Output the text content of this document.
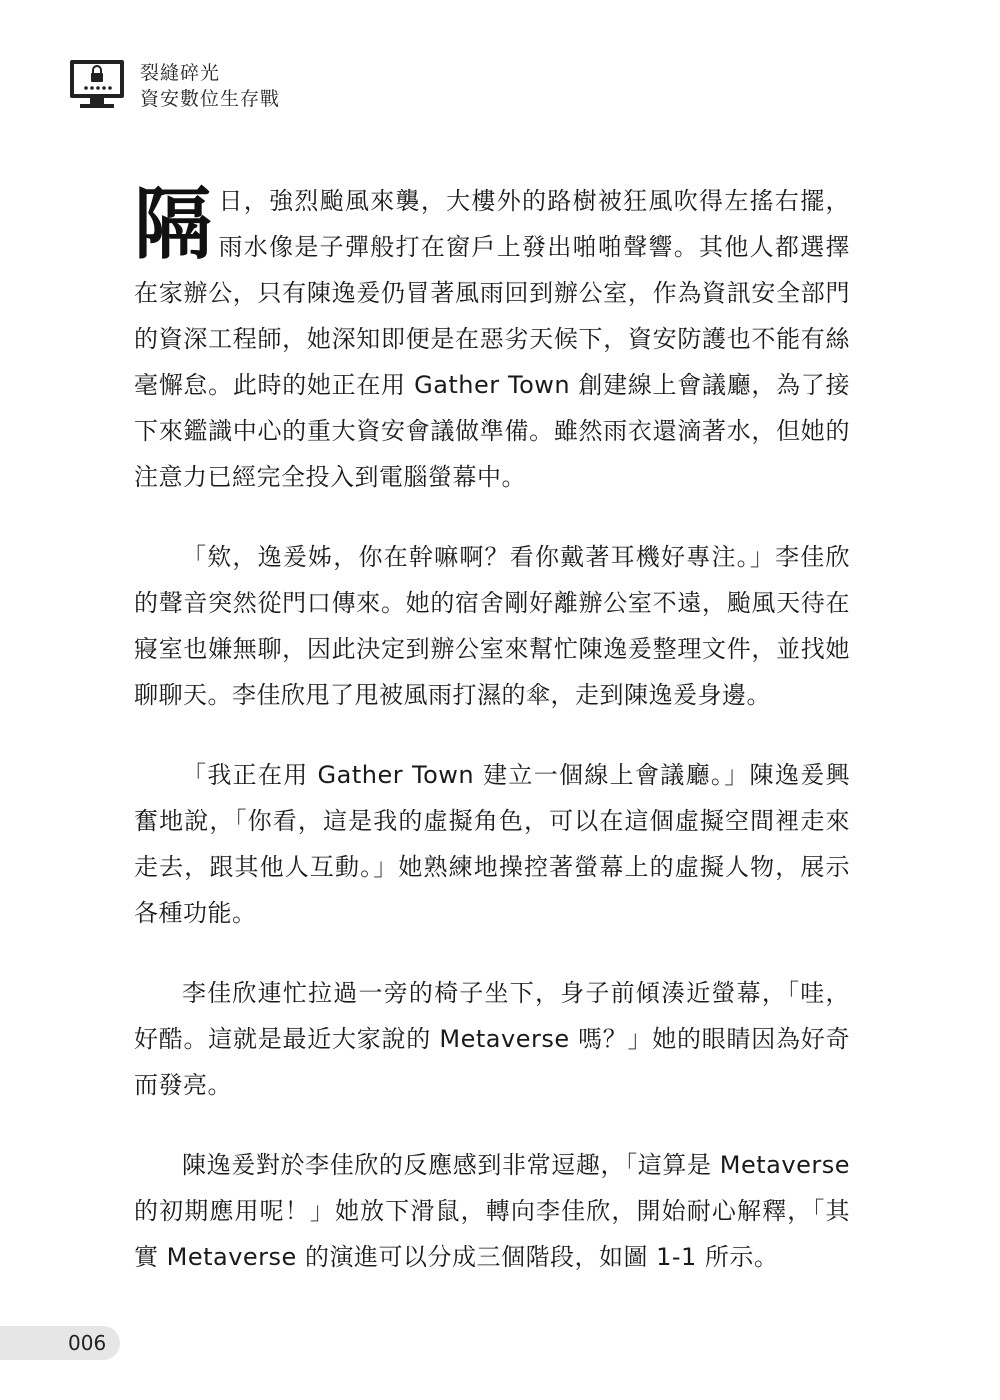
裂縫碎光
資安數位生存戰

隔日，強烈颱風來襲，大樓外的路樹被狂風吹得左搖右擺，雨水像是子彈般打在窗戶上發出啪啪聲響。其他人都選擇在家辦公，只有陳逸爰仍冒著風雨回到辦公室，作為資訊安全部門的資深工程師，她深知即便是在惡劣天候下，資安防護也不能有絲毫懈怠。此時的她正在用 Gather Town 創建線上會議廳，為了接下來鑑識中心的重大資安會議做準備。雖然雨衣還滴著水，但她的注意力已經完全投入到電腦螢幕中。

「欸，逸爰姊，你在幹嘛啊？看你戴著耳機好專注。」李佳欣的聲音突然從門口傳來。她的宿舍剛好離辦公室不遠，颱風天待在寢室也嫌無聊，因此決定到辦公室來幫忙陳逸爰整理文件，並找她聊聊天。李佳欣甩了甩被風雨打濕的傘，走到陳逸爰身邊。

「我正在用 Gather Town 建立一個線上會議廳。」陳逸爰興奮地說，「你看，這是我的虛擬角色，可以在這個虛擬空間裡走來走去，跟其他人互動。」她熟練地操控著螢幕上的虛擬人物，展示各種功能。

李佳欣連忙拉過一旁的椅子坐下，身子前傾湊近螢幕，「哇，好酷。這就是最近大家說的 Metaverse 嗎？」她的眼睛因為好奇而發亮。

陳逸爰對於李佳欣的反應感到非常逗趣，「這算是 Metaverse 的初期應用呢！」她放下滑鼠，轉向李佳欣，開始耐心解釋，「其實 Metaverse 的演進可以分成三個階段，如圖 1-1 所示。

006
